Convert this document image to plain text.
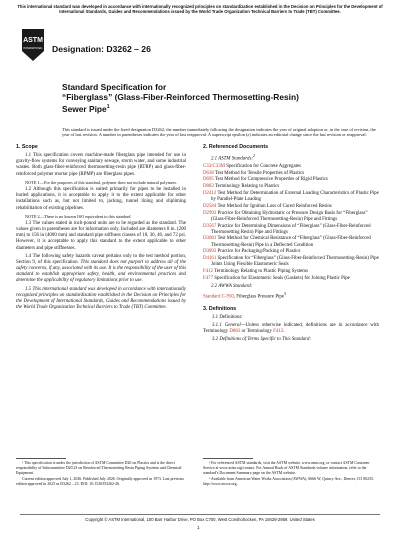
This international standard was developed in accordance with internationally recognized principles on standardization established in the Decision on Principles for the Development of International Standards, Guides and Recommendations issued by the World Trade Organization Technical Barriers to Trade (TBT) Committee.
ASTM
INTERNATIONAL Designation: D3262 – 26
Standard Specification for
“Fiberglass” (Glass-Fiber-Reinforced Thermosetting-Resin)
Sewer Pipe$^1$
This standard is issued under the fixed designation D3262; the number immediately following the designation indicates the year of original adoption or, in the case of revision, the year of last revision. A number in parentheses indicates the year of last reapproval. A superscript epsilon (ε) indicates an editorial change since the last revision or reapproval.
1. Scope

1.1 This specification covers machine-made fiberglass pipe intended for use in gravity-flow systems for conveying sanitary sewage, storm water, and some industrial wastes. Both glass-fiber-reinforced thermosetting-resin pipe (RTRP) and glass-fiber-reinforced polymer mortar pipe (RPMP) are fiberglass pipes.

NOTE 1—For the purposes of this standard, polymer does not include natural polymers.

1.2 Although this specification is suited primarily for pipes to be installed in buried applications, it is acceptable to apply it to the extent applicable for other installations such as, but not limited to, jacking, tunnel lining and slipliming rehabilitation of existing pipelines.

NOTE 2—There is no known ISO equivalent to this standard.

1.3 The values stated in inch-pound units are to be regarded as the standard. The values given in parentheses are for information only. Included are diameters 8 in. (200 mm) to 156 in (4000 mm) and standard pipe stiffness classes of 18, 36, 46, and 72 psi. However, it is acceptable to apply this standard to the extent applicable to other diameters and pipe stiffnesses.

1.4 The following safety hazards caveat pertains only to the test method portion, Section 9, of this specification. This standard does not purport to address all of the safety concerns, if any, associated with its use. It is the responsibility of the user of this standard to establish appropriate safety, health, and environmental practices and determine the applicability of regulatory limitations prior to use.

1.5 This international standard was developed in accordance with internationally recognized principles on standardization established in the Decision on Principles for the Development of International Standards, Guides and Recommendations issued by the World Trade Organization Technical Barriers to Trade (TBT) Committee.

2. Referenced Documents
2.1 ASTM Standards:$^2$
C33/C33M Specification for Concrete Aggregates
D638 Test Method for Tensile Properties of Plastics
D695 Test Method for Compressive Properties of Rigid Plastics
D883 Terminology Relating to Plastics
D2412 Test Method for Determination of External Loading Characteristics of Plastic Pipe by Parallel-Plate Loading
D2584 Test Method for Ignition Loss of Cured Reinforced Resins
D2992 Practice for Obtaining Hydrostatic or Pressure Design Basis for “Fiberglass” (Glass-Fiber-Reinforced Thermosetting-Resin) Pipe and Fittings
D3567 Practice for Determining Dimensions of “Fiberglass” (Glass-Fiber-Reinforced Thermosetting Resin) Pipe and Fittings
D3681 Test Method for Chemical Resistance of “Fiberglass” (Glass-Fiber-Reinforced Thermosetting-Resin) Pipe in a Deflected Condition
D3892 Practice for Packaging/Packing of Plastics
D4161 Specification for “Fiberglass” (Glass-Fiber-Reinforced Thermosetting-Resin) Pipe Joints Using Flexible Elastomeric Seals
F412 Terminology Relating to Plastic Piping Systems
F477 Specification for Elastomeric Seals (Gaskets) for Joining Plastic Pipe
2.2 AWWA Standard:
Standard C-950, Fiberglass Pressure Pipe$^3$
3. Definitions

3.1 Definitions:

3.1.1 General—Unless otherwise indicated, definitions are in accordance with Terminology D883 or Terminology F412.

3.2 Definitions of Terms Specific to This Standard:

¹ This specification is under the jurisdiction of ASTM Committee D20 on Plastics and is the direct responsibility of Subcommittee D20.23 on Reinforced Thermosetting Resin Piping Systems and Chemical Equipment.

Current edition approved July 1, 2026. Published July 2026. Originally approved in 1973. Last previous edition approved in 2023 as D3262 – 23. DOI: 10.1520/D3262-26.

² For referenced ASTM standards, visit the ASTM website, www.astm.org, or contact ASTM Customer Service at www.astm.org/contact. For Annual Book of ASTM Standards volume information, refer to the standard's Document Summary page on the ASTM website.

³ Available from American Water Works Association (AWWA), 6666 W. Quincy Ave., Denver, CO 80235, http://www.awwa.org.

Copyright © ASTM International, 100 Barr Harbor Drive, PO Box C700, West Conshohocken, PA 19428-2959. United States
1
